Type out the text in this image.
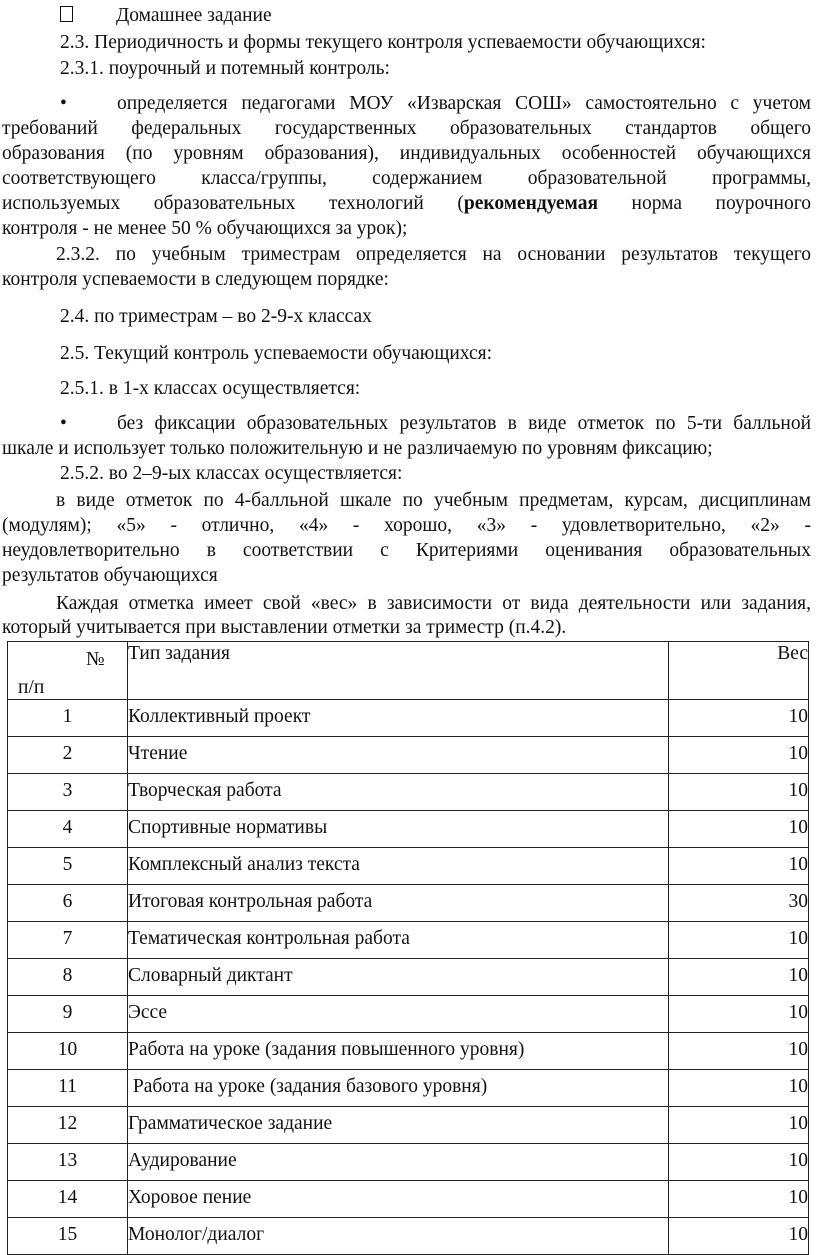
Домашнее задание
2.3. Периодичность и формы текущего контроля успеваемости обучающихся:
2.3.1. поурочный и потемный контроль:
•	определяется педагогами МОУ «Изварская СОШ» самостоятельно с учетом
требований федеральных государственных образовательных стандартов общего
образования (по уровням образования), индивидуальных особенностей обучающихся
соответствующего класса/группы, содержанием образовательной программы,
используемых образовательных технологий (рекомендуемая норма поурочного
контроля - не менее 50 % обучающихся за урок);
2.3.2. по учебным триместрам определяется на основании результатов текущего
контроля успеваемости в следующем порядке:
2.4. по триместрам – во 2-9-х классах
2.5. Текущий контроль успеваемости обучающихся:
2.5.1. в 1-х классах осуществляется:
•	без фиксации образовательных результатов в виде отметок по 5-ти балльной
шкале и использует только положительную и не различаемую по уровням фиксацию;
2.5.2. во 2–9-ых классах осуществляется:
в виде отметок по 4-балльной шкале по учебным предметам, курсам, дисциплинам
(модулям); «5» - отлично, «4» - хорошо, «3» - удовлетворительно, «2» -
неудовлетворительно в соответствии с Критериями оценивания образовательных
результатов обучающихся
Каждая отметка имеет свой «вес» в зависимости от вида деятельности или задания,
который учитывается при выставлении отметки за триместр (п.4.2).
№
п/п	Тип задания	Вес
1	Коллективный проект	10
2	Чтение	10
3	Творческая работа	10
4	Спортивные нормативы	10
5	Комплексный анализ текста	10
6	Итоговая контрольная работа	30
7	Тематическая контрольная работа	10
8	Словарный диктант	10
9	Эссе	10
10	Работа на уроке (задания повышенного уровня)	10
11	Работа на уроке (задания базового уровня)	10
12	Грамматическое задание	10
13	Аудирование	10
14	Хоровое пение	10
15	Монолог/диалог	10
